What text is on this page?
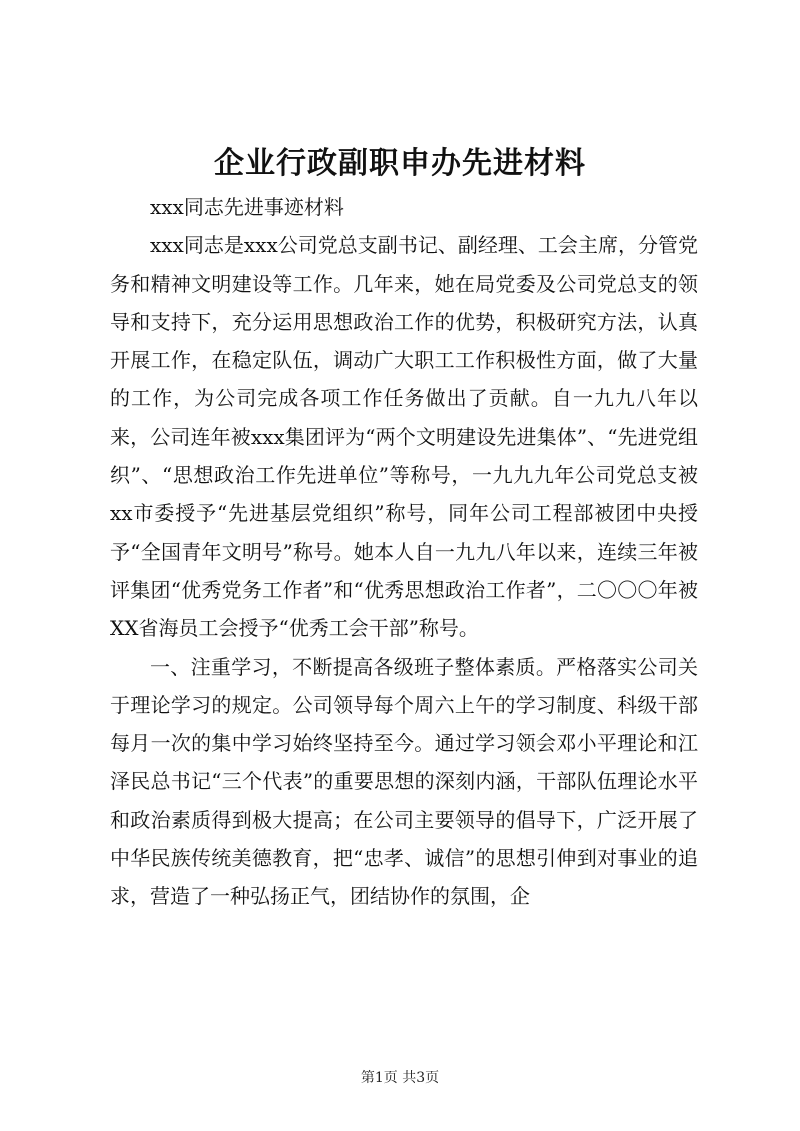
企业行政副职申办先进材料

xxx同志先进事迹材料

xxx同志是xxx公司党总支副书记、副经理、工会主席，分管党务和精神文明建设等工作。几年来，她在局党委及公司党总支的领导和支持下，充分运用思想政治工作的优势，积极研究方法，认真开展工作，在稳定队伍，调动广大职工工作积极性方面，做了大量的工作，为公司完成各项工作任务做出了贡献。自一九九八年以来，公司连年被xxx集团评为“两个文明建设先进集体”、“先进党组织”、“思想政治工作先进单位”等称号，一九九九年公司党总支被xx市委授予“先进基层党组织”称号，同年公司工程部被团中央授予“全国青年文明号”称号。她本人自一九九八年以来，连续三年被评集团“优秀党务工作者”和“优秀思想政治工作者”，二〇〇〇年被XX省海员工会授予“优秀工会干部”称号。

一、注重学习，不断提高各级班子整体素质。严格落实公司关于理论学习的规定。公司领导每个周六上午的学习制度、科级干部每月一次的集中学习始终坚持至今。通过学习领会邓小平理论和江泽民总书记“三个代表”的重要思想的深刻内涵，干部队伍理论水平和政治素质得到极大提高；在公司主要领导的倡导下，广泛开展了中华民族传统美德教育，把“忠孝、诚信”的思想引伸到对事业的追求，营造了一种弘扬正气，团结协作的氛围，企

第1页 共3页
